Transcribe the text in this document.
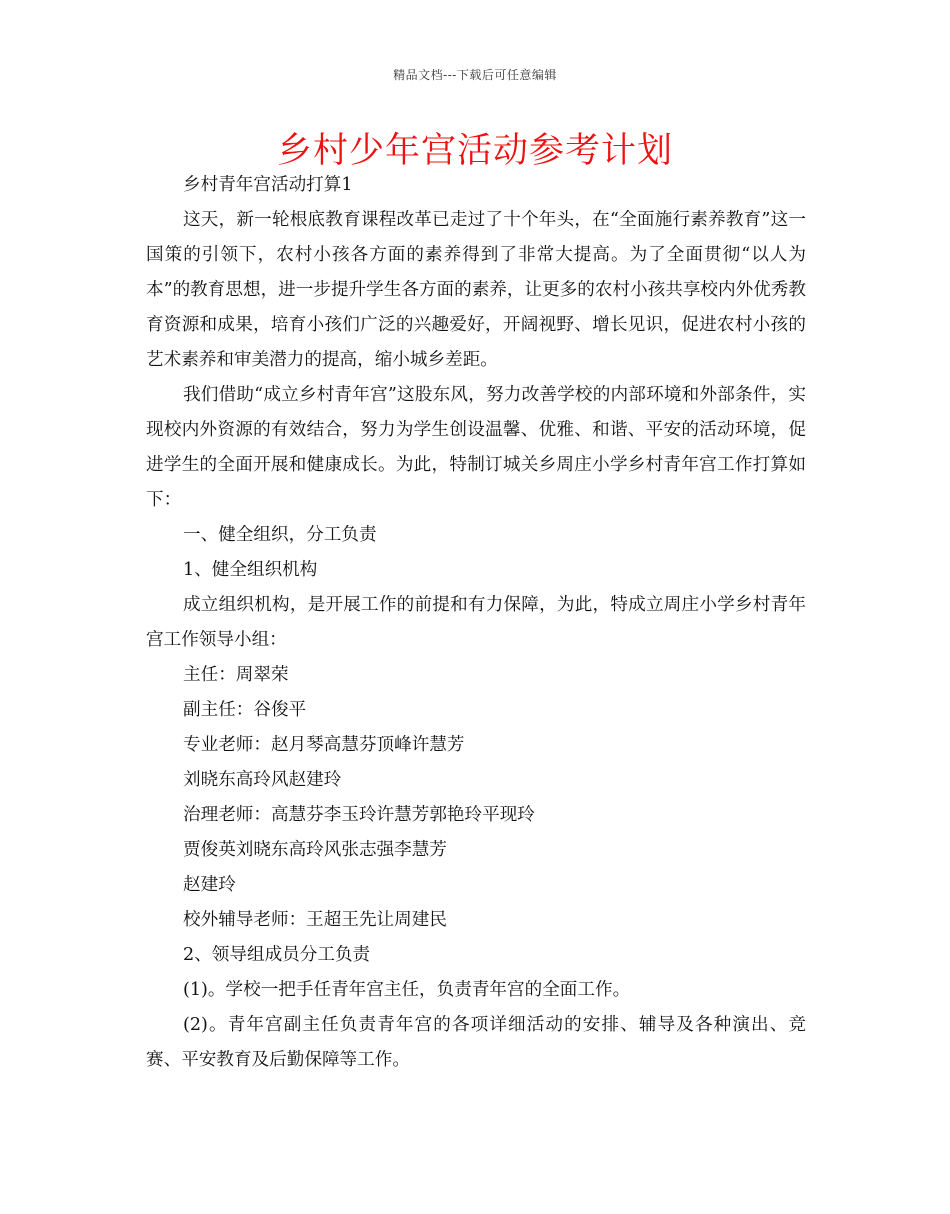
精品文档---下载后可任意编辑
乡村少年宫活动参考计划

乡村青年宫活动打算1

这天，新一轮根底教育课程改革已走过了十个年头，在“全面施行素养教育”这一国策的引领下，农村小孩各方面的素养得到了非常大提高。为了全面贯彻“以人为本”的教育思想，进一步提升学生各方面的素养，让更多的农村小孩共享校内外优秀教育资源和成果，培育小孩们广泛的兴趣爱好，开阔视野、增长见识，促进农村小孩的艺术素养和审美潜力的提高，缩小城乡差距。

我们借助“成立乡村青年宫”这股东风，努力改善学校的内部环境和外部条件，实现校内外资源的有效结合，努力为学生创设温馨、优雅、和谐、平安的活动环境，促进学生的全面开展和健康成长。为此，特制订城关乡周庄小学乡村青年宫工作打算如下：

一、健全组织，分工负责

1、健全组织机构

成立组织机构，是开展工作的前提和有力保障，为此，特成立周庄小学乡村青年宫工作领导小组：

主任：周翠荣

副主任：谷俊平

专业老师：赵月琴高慧芬顶峰许慧芳

刘晓东高玲风赵建玲

治理老师：高慧芬李玉玲许慧芳郭艳玲平现玲

贾俊英刘晓东高玲风张志强李慧芳

赵建玲

校外辅导老师：王超王先让周建民

2、领导组成员分工负责

(1)。学校一把手任青年宫主任，负责青年宫的全面工作。

(2)。青年宫副主任负责青年宫的各项详细活动的安排、辅导及各种演出、竞赛、平安教育及后勤保障等工作。
